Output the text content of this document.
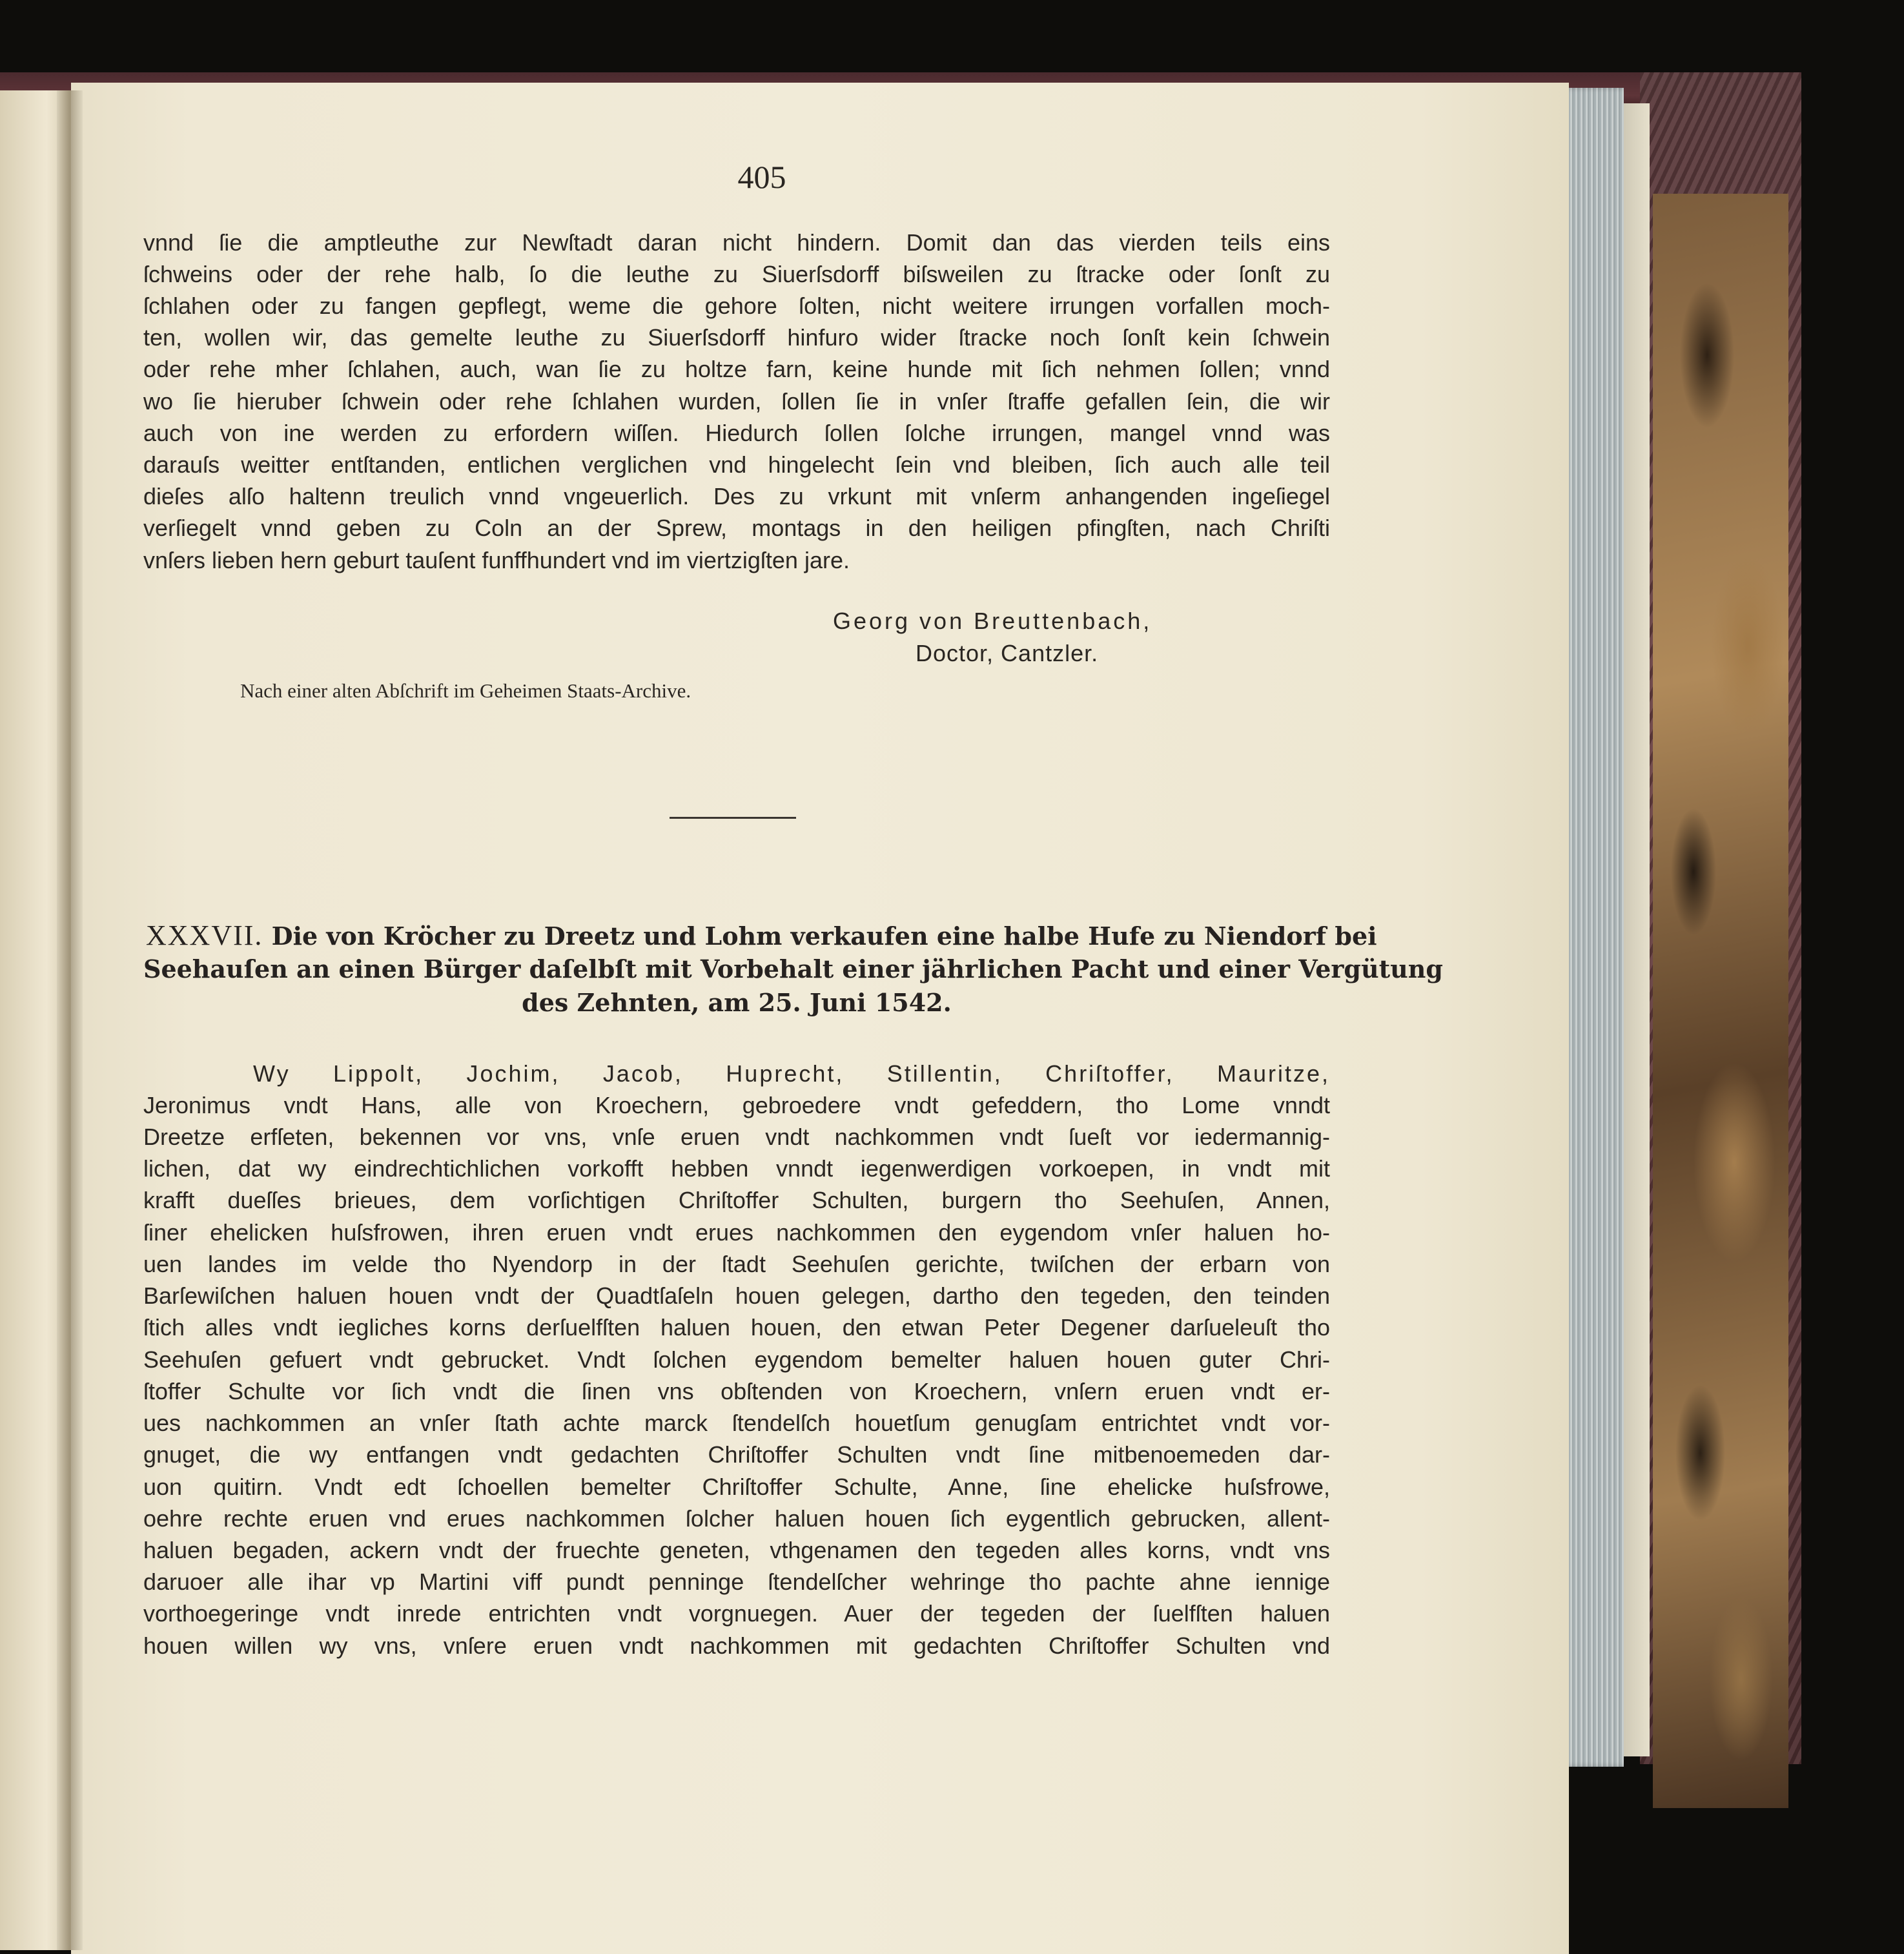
405
vnnd ſie die amptleuthe zur Newſtadt daran nicht hindern. Domit dan das vierden teils eins
ſchweins oder der rehe halb, ſo die leuthe zu Siuerſsdorff biſsweilen zu ſtracke oder ſonſt zu
ſchlahen oder zu fangen gepflegt, weme die gehore ſolten, nicht weitere irrungen vorfallen moch-
ten, wollen wir, das gemelte leuthe zu Siuerſsdorff hinfuro wider ſtracke noch ſonſt kein ſchwein
oder rehe mher ſchlahen, auch, wan ſie zu holtze farn, keine hunde mit ſich nehmen ſollen; vnnd
wo ſie hieruber ſchwein oder rehe ſchlahen wurden, ſollen ſie in vnſer ſtraffe gefallen ſein, die wir
auch von ine werden zu erfordern wiſſen. Hiedurch ſollen ſolche irrungen, mangel vnnd was
darauſs weitter entſtanden, entlichen verglichen vnd hingelecht ſein vnd bleiben, ſich auch alle teil
dieſes alſo haltenn treulich vnnd vngeuerlich. Des zu vrkunt mit vnſerm anhangenden ingeſiegel
verſiegelt vnnd geben zu Coln an der Sprew, montags in den heiligen pfingſten, nach Chriſti
vnſers lieben hern geburt tauſent funffhundert vnd im viertzigſten jare.
Georg von Breuttenbach,
Doctor, Cantzler.
Nach einer alten Abſchrift im Geheimen Staats-Archive.
XXXVII. Die von Kröcher zu Dreetz und Lohm verkaufen eine halbe Hufe zu Niendorf bei
Seehauſen an einen Bürger daſelbſt mit Vorbehalt einer jährlichen Pacht und einer Vergütung
des Zehnten, am 25. Juni 1542.
Wy Lippolt, Jochim, Jacob, Huprecht, Stillentin, Chriſtoffer, Mauritze,
Jeronimus vndt Hans, alle von Kroechern, gebroedere vndt gefeddern, tho Lome vnndt
Dreetze erfſeten, bekennen vor vns, vnſe eruen vndt nachkommen vndt ſueſt vor iedermannig-
lichen, dat wy eindrechtichlichen vorkofft hebben vnndt iegenwerdigen vorkoepen, in vndt mit
krafft dueſſes brieues, dem vorſichtigen Chriſtoffer Schulten, burgern tho Seehuſen, Annen,
ſiner ehelicken huſsfrowen, ihren eruen vndt erues nachkommen den eygendom vnſer haluen ho-
uen landes im velde tho Nyendorp in der ſtadt Seehuſen gerichte, twiſchen der erbarn von
Barſewiſchen haluen houen vndt der Quadtſaſeln houen gelegen, dartho den tegeden, den teinden
ſtich alles vndt iegliches korns derſuelfſten haluen houen, den etwan Peter Degener darſueleuſt tho
Seehuſen gefuert vndt gebrucket. Vndt ſolchen eygendom bemelter haluen houen guter Chri-
ſtoffer Schulte vor ſich vndt die ſinen vns obſtenden von Kroechern, vnſern eruen vndt er-
ues nachkommen an vnſer ſtath achte marck ſtendelſch houetſum genugſam entrichtet vndt vor-
gnuget, die wy entfangen vndt gedachten Chriſtoffer Schulten vndt ſine mitbenoemeden dar-
uon quitirn. Vndt edt ſchoellen bemelter Chriſtoffer Schulte, Anne, ſine ehelicke huſsfrowe,
oehre rechte eruen vnd erues nachkommen ſolcher haluen houen ſich eygentlich gebrucken, allent-
haluen begaden, ackern vndt der fruechte geneten, vthgenamen den tegeden alles korns, vndt vns
daruoer alle ihar vp Martini viff pundt penninge ſtendelſcher wehringe tho pachte ahne iennige
vorthoegeringe vndt inrede entrichten vndt vorgnuegen. Auer der tegeden der ſuelfſten haluen
houen willen wy vns, vnſere eruen vndt nachkommen mit gedachten Chriſtoffer Schulten vnd
